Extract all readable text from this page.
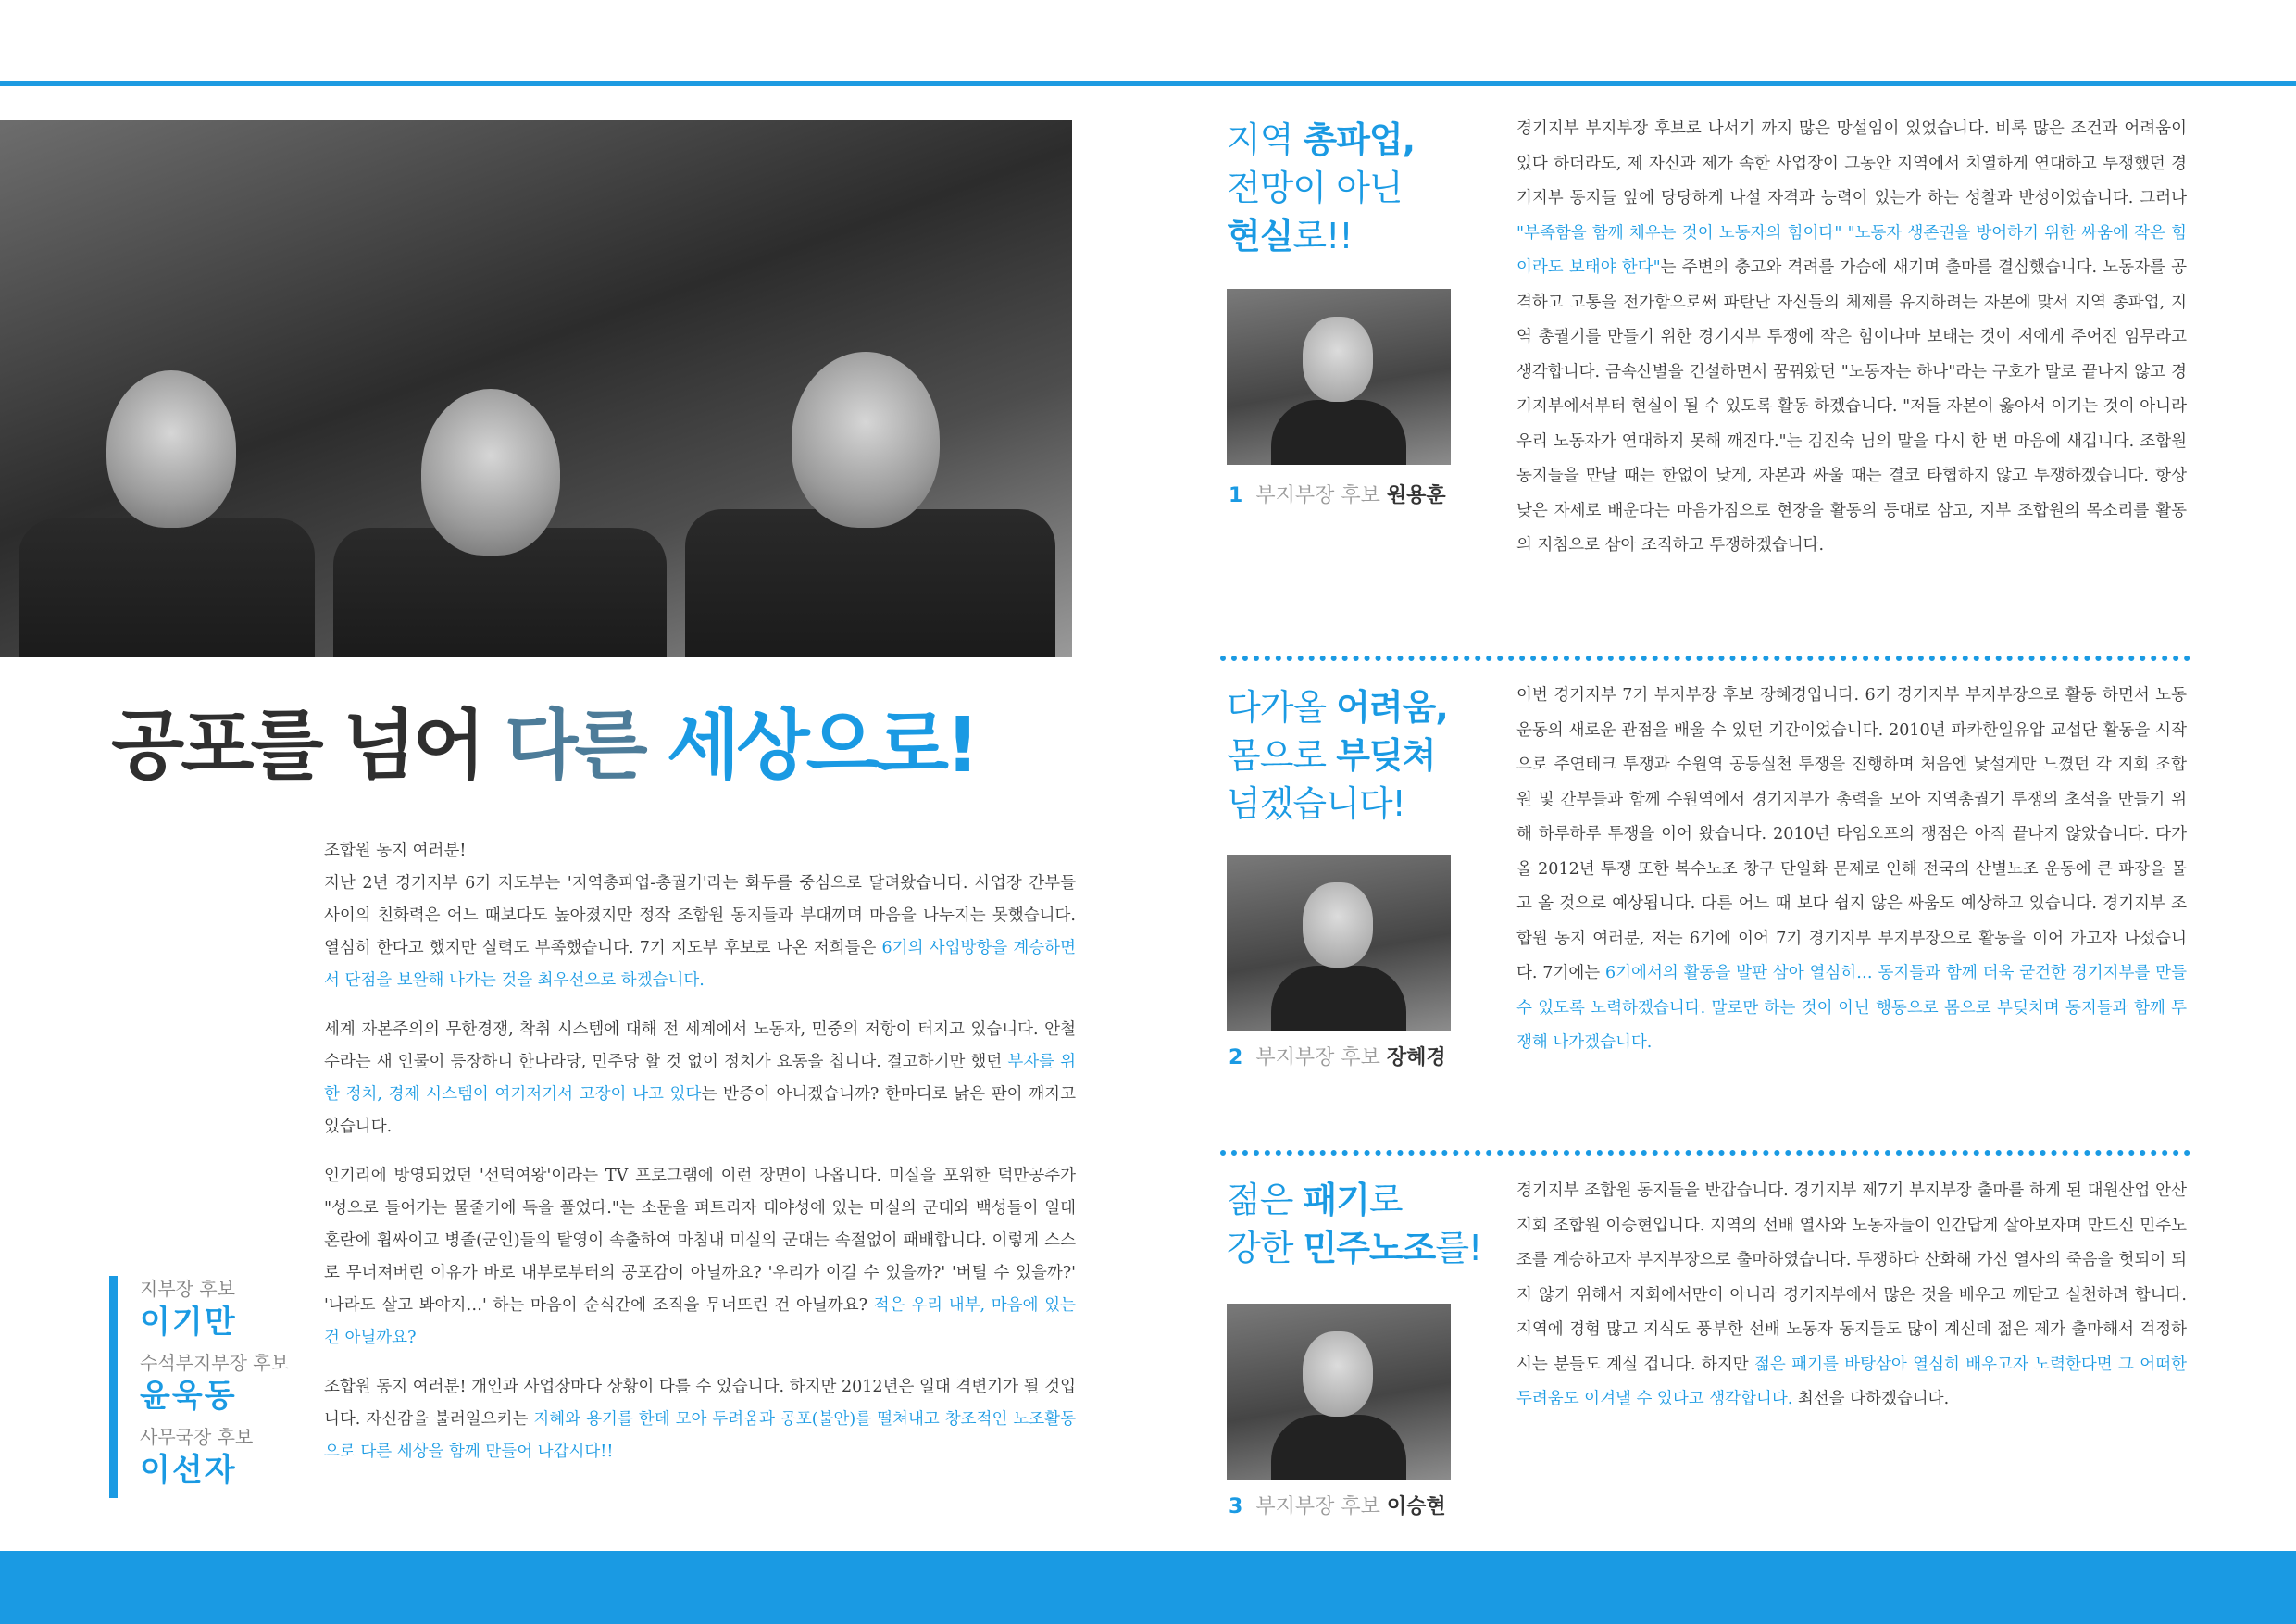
공포를 넘어 다른 세상으로!

조합원 동지 여러분!
지난 2년 경기지부 6기 지도부는 '지역총파업-총궐기'라는 화두를 중심으로 달려왔습니다. 사업장 간부들 사이의 친화력은 어느 때보다도 높아졌지만 정작 조합원 동지들과 부대끼며 마음을 나누지는 못했습니다. 열심히 한다고 했지만 실력도 부족했습니다. 7기 지도부 후보로 나온 저희들은 6기의 사업방향을 계승하면서 단점을 보완해 나가는 것을 최우선으로 하겠습니다.

세계 자본주의의 무한경쟁, 착취 시스템에 대해 전 세계에서 노동자, 민중의 저항이 터지고 있습니다. 안철수라는 새 인물이 등장하니 한나라당, 민주당 할 것 없이 정치가 요동을 칩니다. 결고하기만 했던 부자를 위한 정치, 경제 시스템이 여기저기서 고장이 나고 있다는 반증이 아니겠습니까? 한마디로 낡은 판이 깨지고 있습니다.

인기리에 방영되었던 '선덕여왕'이라는 TV 프로그램에 이런 장면이 나옵니다. 미실을 포위한 덕만공주가 "성으로 들어가는 물줄기에 독을 풀었다."는 소문을 퍼트리자 대야성에 있는 미실의 군대와 백성들이 일대 혼란에 휩싸이고 병졸(군인)들의 탈영이 속출하여 마침내 미실의 군대는 속절없이 패배합니다. 이렇게 스스로 무너져버린 이유가 바로 내부로부터의 공포감이 아닐까요? '우리가 이길 수 있을까?' '버틸 수 있을까?' '나라도 살고 봐야지…' 하는 마음이 순식간에 조직을 무너뜨린 건 아닐까요? 적은 우리 내부, 마음에 있는 건 아닐까요?

조합원 동지 여러분! 개인과 사업장마다 상황이 다를 수 있습니다. 하지만 2012년은 일대 격변기가 될 것입니다. 자신감을 불러일으키는 지혜와 용기를 한데 모아 두려움과 공포(불안)를 떨쳐내고 창조적인 노조활동으로 다른 세상을 함께 만들어 나갑시다!!

지부장 후보
이기만
수석부지부장 후보
윤욱동
사무국장 후보
이선자
지역 총파업,
전망이 아닌
현실로!!
1 부지부장 후보 원용훈
경기지부 부지부장 후보로 나서기 까지 많은 망설임이 있었습니다. 비록 많은 조건과 어려움이 있다 하더라도, 제 자신과 제가 속한 사업장이 그동안 지역에서 치열하게 연대하고 투쟁했던 경기지부 동지들 앞에 당당하게 나설 자격과 능력이 있는가 하는 성찰과 반성이었습니다. 그러나 "부족함을 함께 채우는 것이 노동자의 힘이다" "노동자 생존권을 방어하기 위한 싸움에 작은 힘이라도 보태야 한다"는 주변의 충고와 격려를 가슴에 새기며 출마를 결심했습니다. 노동자를 공격하고 고통을 전가함으로써 파탄난 자신들의 체제를 유지하려는 자본에 맞서 지역 총파업, 지역 총궐기를 만들기 위한 경기지부 투쟁에 작은 힘이나마 보태는 것이 저에게 주어진 임무라고 생각합니다. 금속산별을 건설하면서 꿈꿔왔던 "노동자는 하나"라는 구호가 말로 끝나지 않고 경기지부에서부터 현실이 될 수 있도록 활동 하겠습니다. "저들 자본이 옳아서 이기는 것이 아니라 우리 노동자가 연대하지 못해 깨진다."는 김진숙 님의 말을 다시 한 번 마음에 새깁니다. 조합원동지들을 만날 때는 한없이 낮게, 자본과 싸울 때는 결코 타협하지 않고 투쟁하겠습니다. 항상 낮은 자세로 배운다는 마음가짐으로 현장을 활동의 등대로 삼고, 지부 조합원의 목소리를 활동의 지침으로 삼아 조직하고 투쟁하겠습니다.
다가올 어려움,
몸으로 부딪쳐
넘겠습니다!
2 부지부장 후보 장혜경
이번 경기지부 7기 부지부장 후보 장혜경입니다. 6기 경기지부 부지부장으로 활동 하면서 노동운동의 새로운 관점을 배울 수 있던 기간이었습니다. 2010년 파카한일유압 교섭단 활동을 시작으로 주연테크 투쟁과 수원역 공동실천 투쟁을 진행하며 처음엔 낯설게만 느꼈던 각 지회 조합원 및 간부들과 함께 수원역에서 경기지부가 총력을 모아 지역총궐기 투쟁의 초석을 만들기 위해 하루하루 투쟁을 이어 왔습니다. 2010년 타임오프의 쟁점은 아직 끝나지 않았습니다. 다가올 2012년 투쟁 또한 복수노조 창구 단일화 문제로 인해 전국의 산별노조 운동에 큰 파장을 몰고 올 것으로 예상됩니다. 다른 어느 때 보다 쉽지 않은 싸움도 예상하고 있습니다. 경기지부 조합원 동지 여러분, 저는 6기에 이어 7기 경기지부 부지부장으로 활동을 이어 가고자 나섰습니다. 7기에는 6기에서의 활동을 발판 삼아 열심히… 동지들과 함께 더욱 굳건한 경기지부를 만들 수 있도록 노력하겠습니다. 말로만 하는 것이 아닌 행동으로 몸으로 부딪치며 동지들과 함께 투쟁해 나가겠습니다.
젊은 패기로
강한 민주노조를!
3 부지부장 후보 이승현
경기지부 조합원 동지들을 반갑습니다. 경기지부 제7기 부지부장 출마를 하게 된 대원산업 안산지회 조합원 이승현입니다. 지역의 선배 열사와 노동자들이 인간답게 살아보자며 만드신 민주노조를 계승하고자 부지부장으로 출마하였습니다. 투쟁하다 산화해 가신 열사의 죽음을 헛되이 되지 않기 위해서 지회에서만이 아니라 경기지부에서 많은 것을 배우고 깨닫고 실천하려 합니다. 지역에 경험 많고 지식도 풍부한 선배 노동자 동지들도 많이 계신데 젊은 제가 출마해서 걱정하시는 분들도 계실 겁니다. 하지만 젊은 패기를 바탕삼아 열심히 배우고자 노력한다면 그 어떠한 두려움도 이겨낼 수 있다고 생각합니다. 최선을 다하겠습니다.
